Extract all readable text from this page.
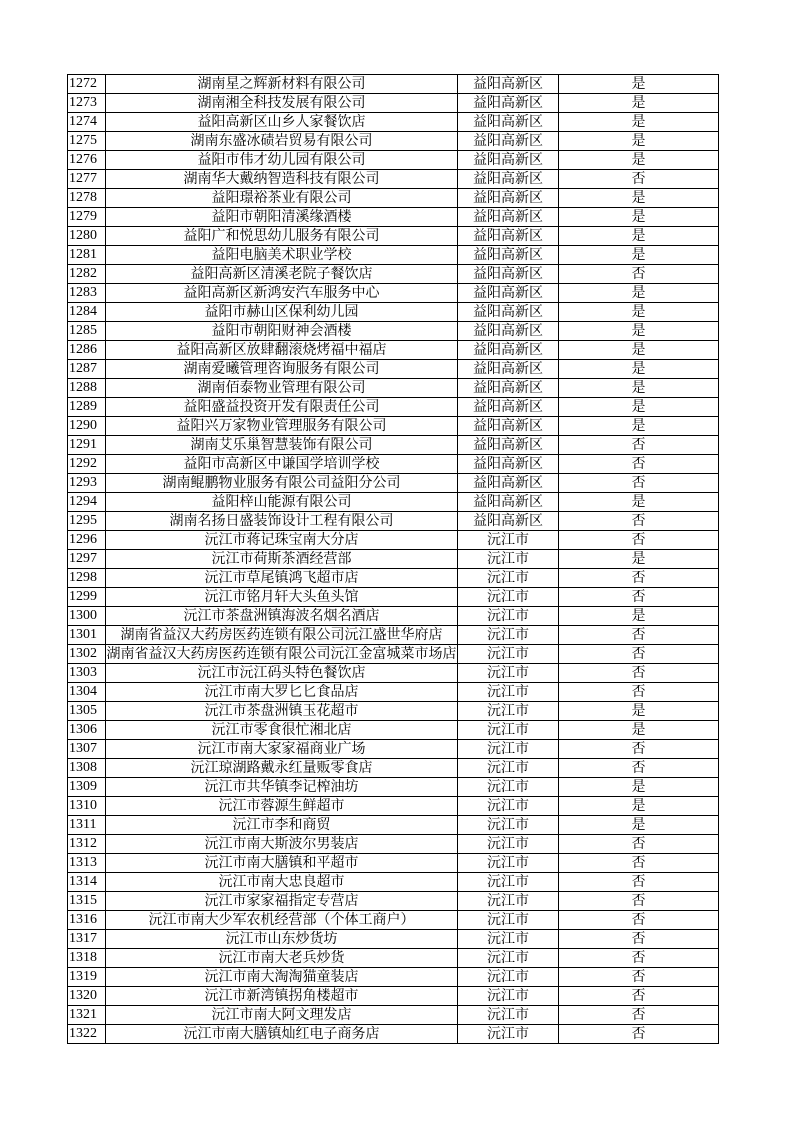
1272	湖南星之辉新材料有限公司	益阳高新区	是
1273	湖南湘全科技发展有限公司	益阳高新区	是
1274	益阳高新区山乡人家餐饮店	益阳高新区	是
1275	湖南东盛冰碛岩贸易有限公司	益阳高新区	是
1276	益阳市伟才幼儿园有限公司	益阳高新区	是
1277	湖南华大戴纳智造科技有限公司	益阳高新区	否
1278	益阳璟裕茶业有限公司	益阳高新区	是
1279	益阳市朝阳清溪缘酒楼	益阳高新区	是
1280	益阳广和悦思幼儿服务有限公司	益阳高新区	是
1281	益阳电脑美术职业学校	益阳高新区	是
1282	益阳高新区清溪老院子餐饮店	益阳高新区	否
1283	益阳高新区新鸿安汽车服务中心	益阳高新区	是
1284	益阳市赫山区保利幼儿园	益阳高新区	是
1285	益阳市朝阳财神会酒楼	益阳高新区	是
1286	益阳高新区放肆翻滚烧烤福中福店	益阳高新区	是
1287	湖南爱曦管理咨询服务有限公司	益阳高新区	是
1288	湖南佰泰物业管理有限公司	益阳高新区	是
1289	益阳盛益投资开发有限责任公司	益阳高新区	是
1290	益阳兴万家物业管理服务有限公司	益阳高新区	是
1291	湖南艾乐巢智慧装饰有限公司	益阳高新区	否
1292	益阳市高新区中谦国学培训学校	益阳高新区	否
1293	湖南鲲鹏物业服务有限公司益阳分公司	益阳高新区	否
1294	益阳梓山能源有限公司	益阳高新区	是
1295	湖南名扬日盛装饰设计工程有限公司	益阳高新区	否
1296	沅江市蒋记珠宝南大分店	沅江市	否
1297	沅江市荷斯茶酒经营部	沅江市	是
1298	沅江市草尾镇鸿飞超市店	沅江市	否
1299	沅江市铭月轩大头鱼头馆	沅江市	否
1300	沅江市茶盘洲镇海波名烟名酒店	沅江市	是
1301 湖南省益汉大药房医药连锁有限公司沅江盛世华府店	沅江市	否
1302 湖南省益汉大药房医药连锁有限公司沅江金富城菜市场店 沅江市	否
1303	沅江市沅江码头特色餐饮店	沅江市	否
1304	沅江市南大罗匕匕食品店	沅江市	否
1305	沅江市茶盘洲镇玉花超市	沅江市	是
1306	沅江市零食很忙湘北店	沅江市	是
1307	沅江市南大家家福商业广场	沅江市	否
1308	沅江琼湖路戴永红量贩零食店	沅江市	否
1309	沅江市共华镇李记榨油坊	沅江市	是
1310	沅江市蓉源生鲜超市	沅江市	是
1311	沅江市李和商贸	沅江市	是
1312	沅江市南大斯波尔男装店	沅江市	否
1313	沅江市南大膳镇和平超市	沅江市	否
1314	沅江市南大忠良超市	沅江市	否
1315	沅江市家家福指定专营店	沅江市	否
1316	沅江市南大少军农机经营部（个体工商户）	沅江市	否
1317	沅江市山东炒货坊	沅江市	否
1318	沅江市南大老兵炒货	沅江市	否
1319	沅江市南大淘淘猫童装店	沅江市	否
1320	沅江市新湾镇拐角楼超市	沅江市	否
1321	沅江市南大阿文理发店	沅江市	否
1322	沅江市南大膳镇灿红电子商务店	沅江市	否
